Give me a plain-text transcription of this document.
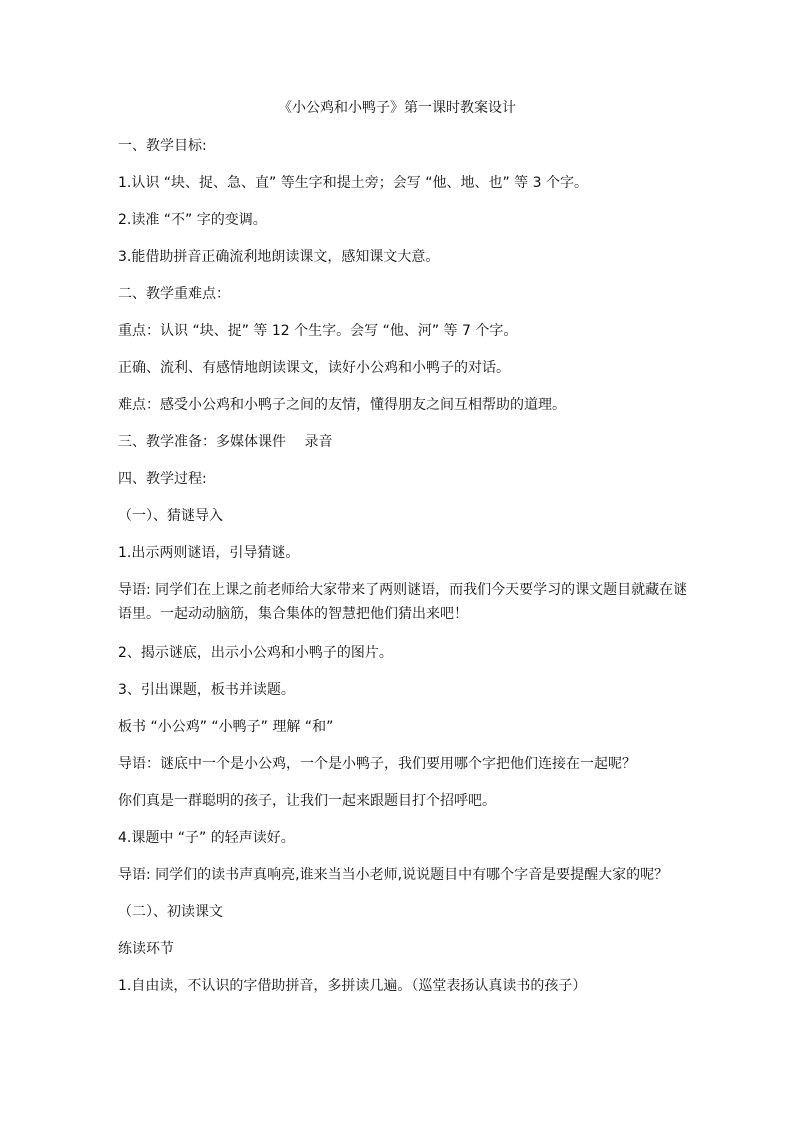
《小公鸡和小鸭子》第一课时教案设计

一、教学目标:

1.认识 “块、捉、急、直” 等生字和提土旁；会写 “他、地、也” 等 3 个字。

2.读准 “不” 字的变调。

3.能借助拼音正确流利地朗读课文，感知课文大意。

二、教学重难点：

重点：认识 “块、捉” 等 12 个生字。会写 “他、河” 等 7 个字。

正确、流利、有感情地朗读课文，读好小公鸡和小鸭子的对话。

难点：感受小公鸡和小鸭子之间的友情，懂得朋友之间互相帮助的道理。

三、教学准备：多媒体课件　 录音

四、教学过程:

（一）、猜谜导入

1.出示两则谜语，引导猜谜。

导语: 同学们在上课之前老师给大家带来了两则谜语，而我们今天要学习的课文题目就藏在谜语里。一起动动脑筋，集合集体的智慧把他们猜出来吧！

2、揭示谜底，出示小公鸡和小鸭子的图片。

3、引出课题，板书并读题。

板书 “小公鸡” “小鸭子” 理解 “和”

导语：谜底中一个是小公鸡，一个是小鸭子，我们要用哪个字把他们连接在一起呢？

你们真是一群聪明的孩子，让我们一起来跟题目打个招呼吧。

4.课题中 “子” 的轻声读好。

导语: 同学们的读书声真响亮,谁来当当小老师,说说题目中有哪个字音是要提醒大家的呢？

（二）、初读课文

练读环节

1.自由读，不认识的字借助拼音，多拼读几遍。（巡堂表扬认真读书的孩子）
